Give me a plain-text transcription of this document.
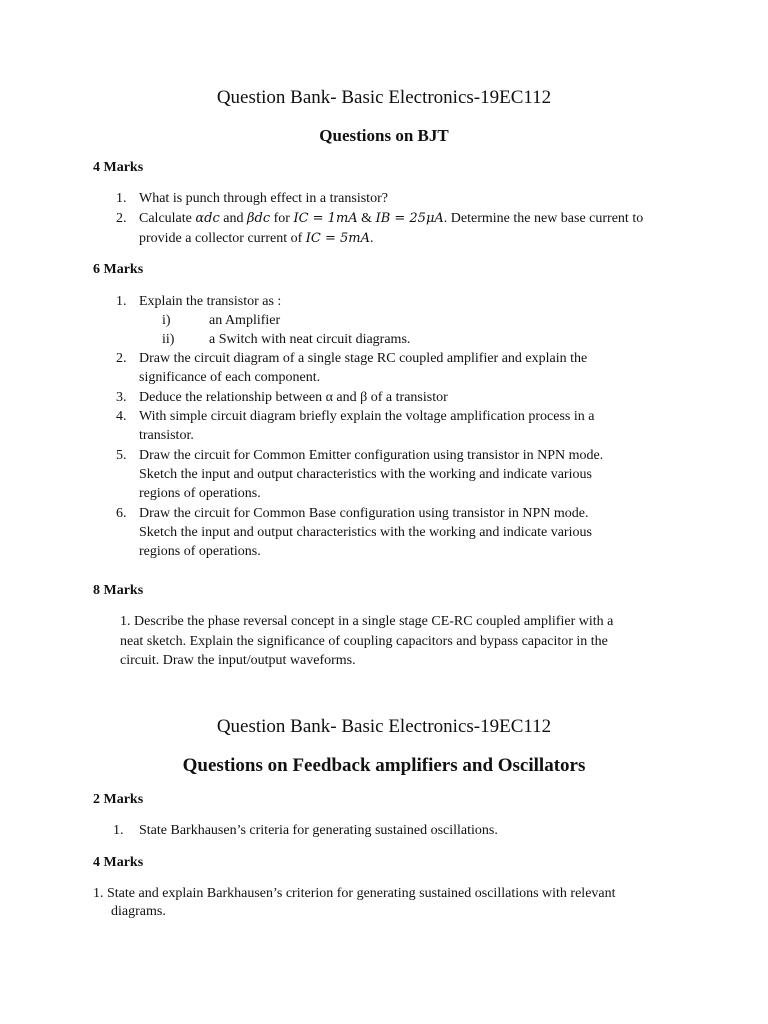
Question Bank- Basic Electronics-19EC112
Questions on BJT
4 Marks
1. What is punch through effect in a transistor?
2. Calculate αdc and βdc for IC = 1mA & IB = 25μA. Determine the new base current to
provide a collector current of IC = 5mA.
6 Marks
1. Explain the transistor as :
i)	an Amplifier
ii) a Switch with neat circuit diagrams.
2. Draw the circuit diagram of a single stage RC coupled amplifier and explain the
significance of each component.
3. Deduce the relationship between α and β of a transistor
4. With simple circuit diagram briefly explain the voltage amplification process in a
transistor.
5. Draw the circuit for Common Emitter configuration using transistor in NPN mode.
Sketch the input and output characteristics with the working and indicate various
regions of operations.
6. Draw the circuit for Common Base configuration using transistor in NPN mode.
Sketch the input and output characteristics with the working and indicate various
regions of operations.
8 Marks
1. Describe the phase reversal concept in a single stage CE-RC coupled amplifier with a
neat sketch. Explain the significance of coupling capacitors and bypass capacitor in the
circuit. Draw the input/output waveforms.
Question Bank- Basic Electronics-19EC112
Questions on Feedback amplifiers and Oscillators
2 Marks
1. State Barkhausen’s criteria for generating sustained oscillations.
4 Marks
1. State and explain Barkhausen’s criterion for generating sustained oscillations with relevant
diagrams.
